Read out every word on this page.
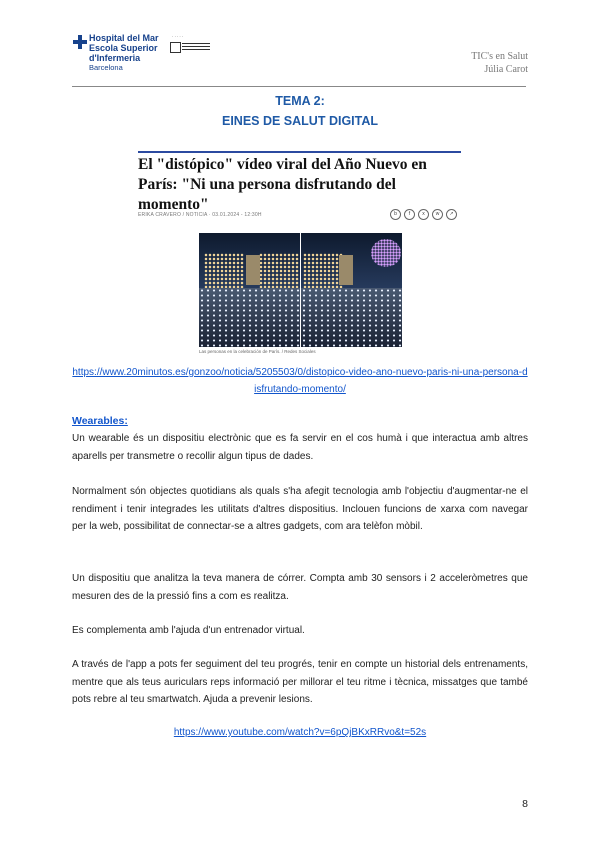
Hospital del Mar
Escola Superior
d'Infermeria
Barcelona
· · · · ·
TIC's en Salut
Júlia Carot
TEMA 2:
EINES DE SALUT DIGITAL
El "distópico" vídeo viral del Año Nuevo en París: "Ni una persona disfrutando del momento"
ERIKA CRAVERO / NOTICIA · 03.01.2024 - 12:30H	b	f	x	w	↗
Las personas en la celebración de París. / Redes Sociales
https://www.20minutos.es/gonzoo/noticia/5205503/0/distopico-video-ano-nuevo-paris-ni-una-persona-disfrutando-momento/
Wearables:
Un wearable és un dispositiu electrònic que es fa servir en el cos humà i que interactua amb altres aparells per transmetre o recollir algun tipus de dades.
Normalment són objectes quotidians als quals s'ha afegit tecnologia amb l'objectiu d'augmentar-ne el rendiment i tenir integrades les utilitats d'altres dispositius. Inclouen funcions de xarxa com navegar per la web, possibilitat de connectar-se a altres gadgets, com ara telèfon mòbil.
Un dispositiu que analitza la teva manera de córrer. Compta amb 30 sensors i 2 acceleròmetres que mesuren des de la pressió fins a com es realitza.
Es complementa amb l'ajuda d'un entrenador virtual.
A través de l'app a pots fer seguiment del teu progrés, tenir en compte un historial dels entrenaments, mentre que als teus auriculars reps informació per millorar el teu ritme i tècnica, missatges que també pots rebre al teu smartwatch. Ajuda a prevenir lesions.
https://www.youtube.com/watch?v=6pQjBKxRRvo&t=52s
8
